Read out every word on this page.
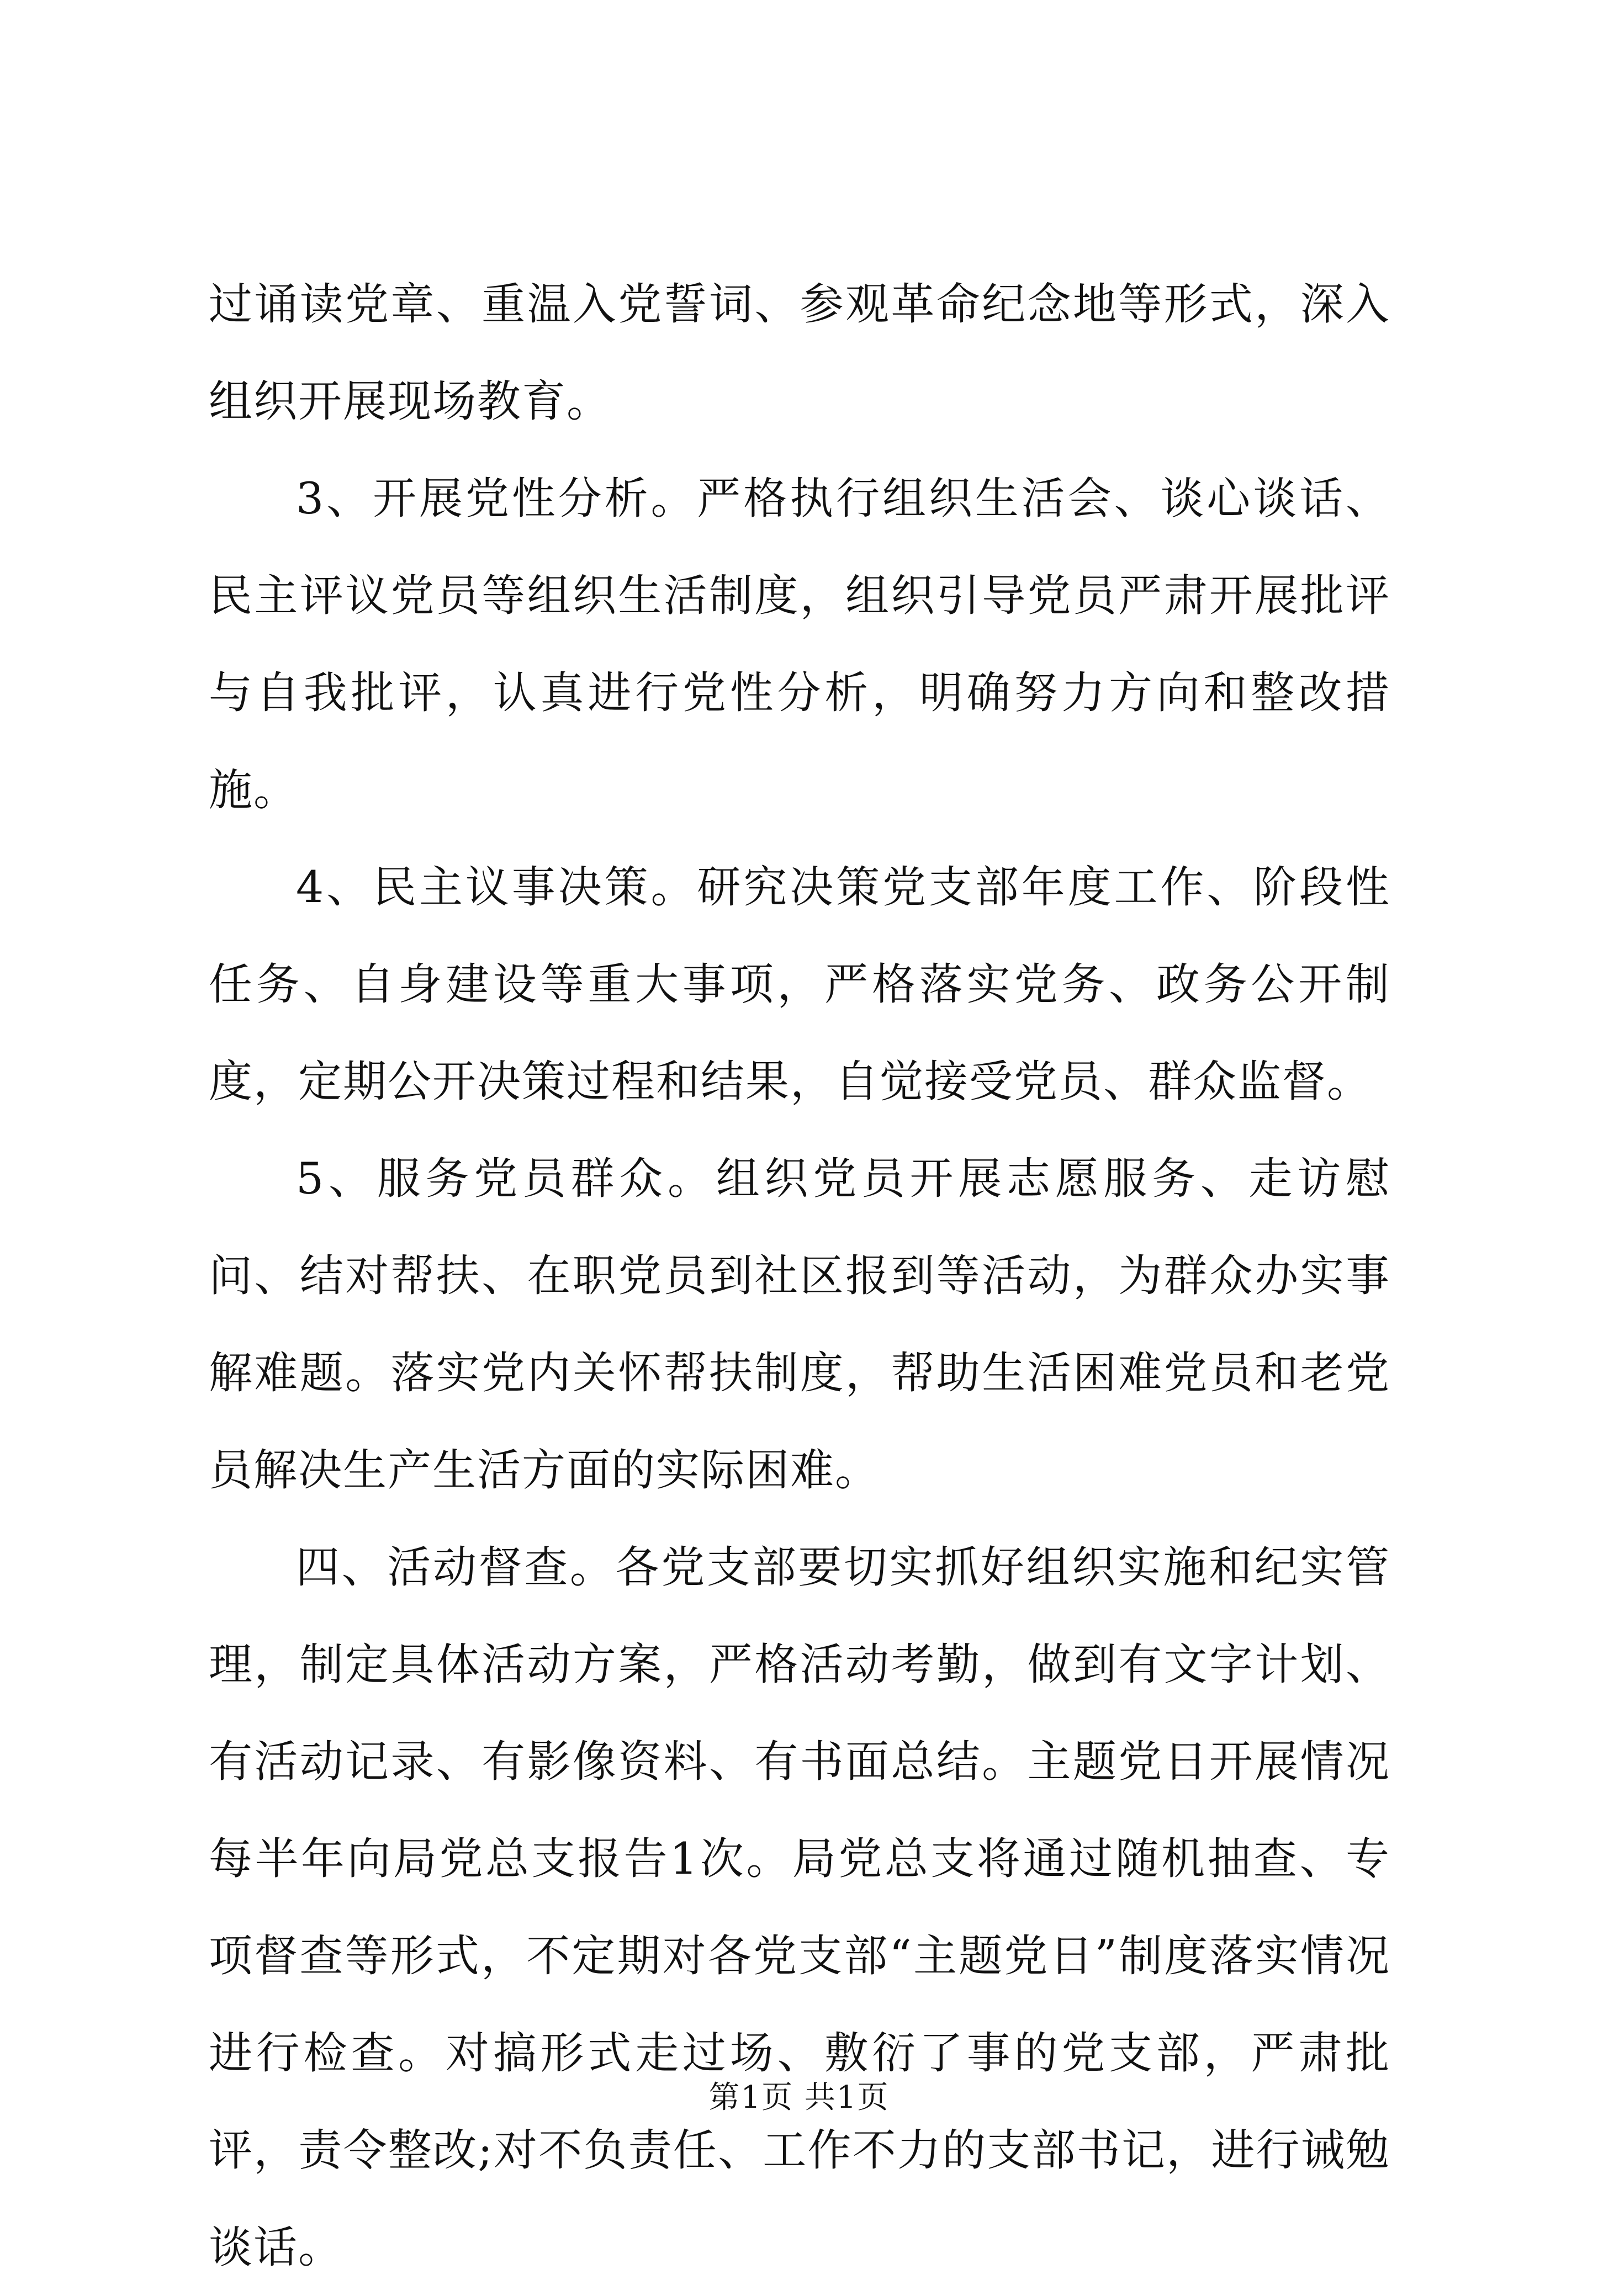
过诵读党章、重温入党誓词、参观革命纪念地等形式，深入组织开展现场教育。

3、开展党性分析。严格执行组织生活会、谈心谈话、民主评议党员等组织生活制度，组织引导党员严肃开展批评与自我批评，认真进行党性分析，明确努力方向和整改措施。

4、民主议事决策。研究决策党支部年度工作、阶段性任务、自身建设等重大事项，严格落实党务、政务公开制度，定期公开决策过程和结果，自觉接受党员、群众监督。

5、服务党员群众。组织党员开展志愿服务、走访慰问、结对帮扶、在职党员到社区报到等活动，为群众办实事解难题。落实党内关怀帮扶制度，帮助生活困难党员和老党员解决生产生活方面的实际困难。

四、活动督查。各党支部要切实抓好组织实施和纪实管理，制定具体活动方案，严格活动考勤，做到有文字计划、有活动记录、有影像资料、有书面总结。主题党日开展情况每半年向局党总支报告1次。局党总支将通过随机抽查、专项督查等形式，不定期对各党支部“主题党日”制度落实情况进行检查。对搞形式走过场、敷衍了事的党支部，严肃批评，责令整改;对不负责任、工作不力的支部书记，进行诫勉谈话。

第1页 共1页
